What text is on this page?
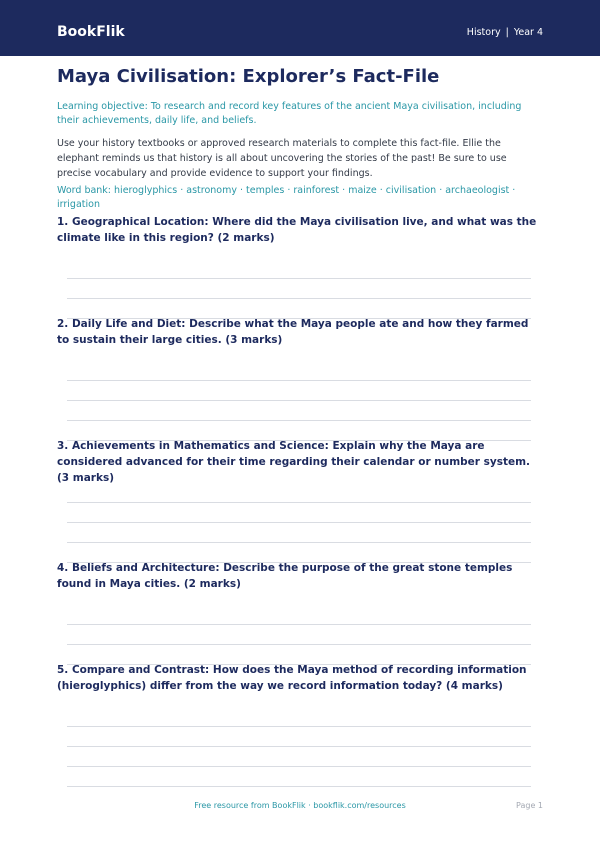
BookFlik	History | Year 4
Maya Civilisation: Explorer’s Fact-File
Learning objective: To research and record key features of the ancient Maya civilisation, including their achievements, daily life, and beliefs.
Use your history textbooks or approved research materials to complete this fact-file. Ellie the elephant reminds us that history is all about uncovering the stories of the past! Be sure to use precise vocabulary and provide evidence to support your findings.
Word bank: hieroglyphics · astronomy · temples · rainforest · maize · civilisation · archaeologist · irrigation
1. Geographical Location: Where did the Maya civilisation live, and what was the climate like in this region? (2 marks)
2. Daily Life and Diet: Describe what the Maya people ate and how they farmed to sustain their large cities. (3 marks)
3. Achievements in Mathematics and Science: Explain why the Maya are considered advanced for their time regarding their calendar or number system. (3 marks)
4. Beliefs and Architecture: Describe the purpose of the great stone temples found in Maya cities. (2 marks)
5. Compare and Contrast: How does the Maya method of recording information (hieroglyphics) differ from the way we record information today? (4 marks)
Free resource from BookFlik · bookflik.com/resources	Page 1
